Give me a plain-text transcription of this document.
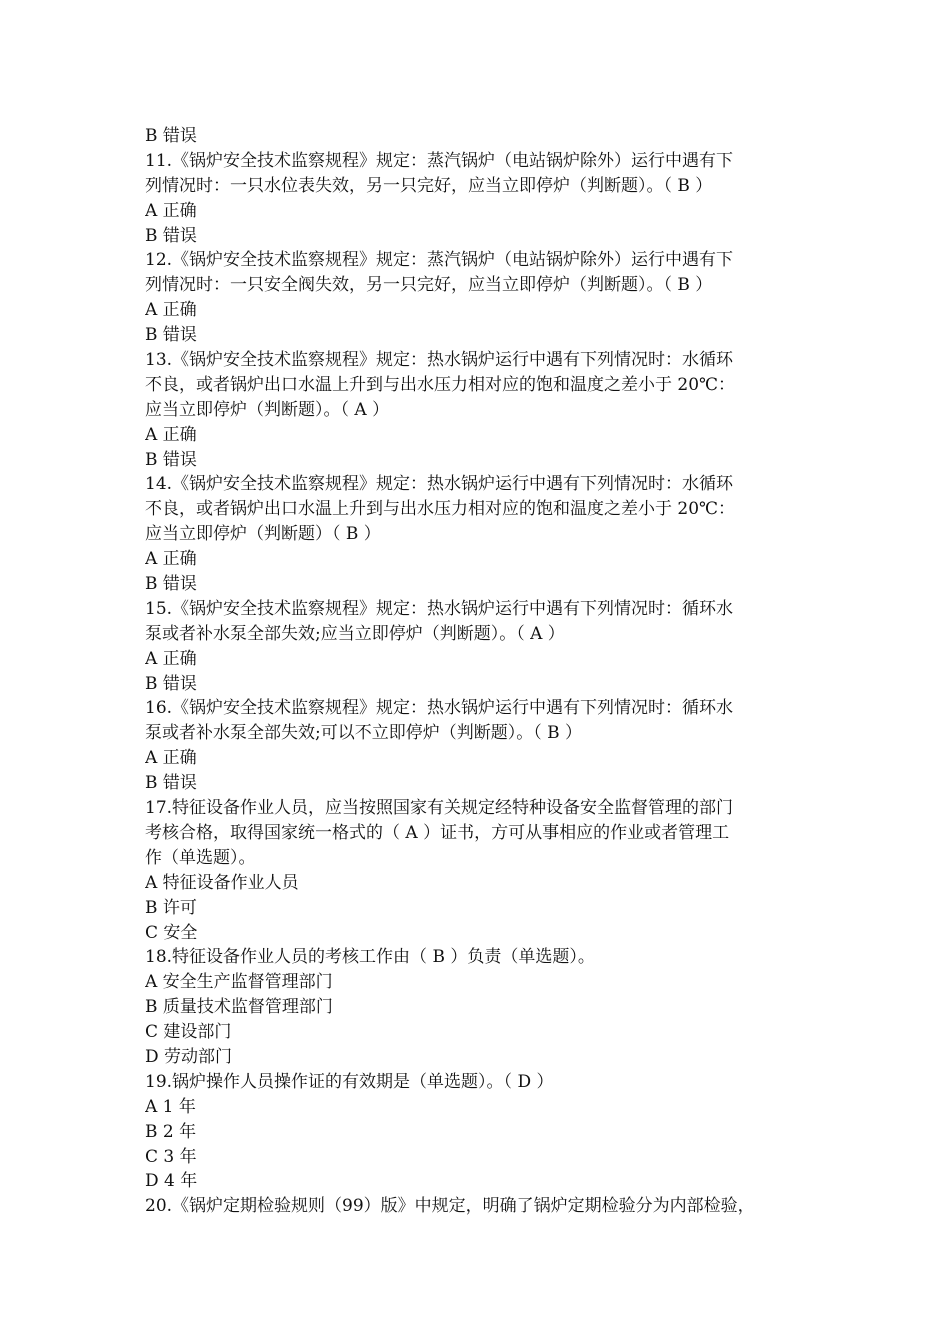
B 错误
11.《锅炉安全技术监察规程》规定：蒸汽锅炉（电站锅炉除外）运行中遇有下
列情况时：一只水位表失效，另一只完好，应当立即停炉（判断题）。（ B ）
A 正确
B 错误
12.《锅炉安全技术监察规程》规定：蒸汽锅炉（电站锅炉除外）运行中遇有下
列情况时：一只安全阀失效，另一只完好，应当立即停炉（判断题）。（ B ）
A 正确
B 错误
13.《锅炉安全技术监察规程》规定：热水锅炉运行中遇有下列情况时：水循环
不良，或者锅炉出口水温上升到与出水压力相对应的饱和温度之差小于 20℃：
应当立即停炉（判断题）。（ A ）
A 正确
B 错误
14.《锅炉安全技术监察规程》规定：热水锅炉运行中遇有下列情况时：水循环
不良，或者锅炉出口水温上升到与出水压力相对应的饱和温度之差小于 20℃：
应当立即停炉（判断题）（ B ）
A 正确
B 错误
15.《锅炉安全技术监察规程》规定：热水锅炉运行中遇有下列情况时：循环水
泵或者补水泵全部失效;应当立即停炉（判断题）。（ A ）
A 正确
B 错误
16.《锅炉安全技术监察规程》规定：热水锅炉运行中遇有下列情况时：循环水
泵或者补水泵全部失效;可以不立即停炉（判断题）。（ B ）
A 正确
B 错误
17.特征设备作业人员，应当按照国家有关规定经特种设备安全监督管理的部门
考核合格，取得国家统一格式的（ A ）证书，方可从事相应的作业或者管理工
作（单选题）。
A 特征设备作业人员
B 许可
C 安全
18.特征设备作业人员的考核工作由（ B ）负责（单选题）。
A 安全生产监督管理部门
B 质量技术监督管理部门
C 建设部门
D 劳动部门
19.锅炉操作人员操作证的有效期是（单选题）。（ D ）
A 1 年
B 2 年
C 3 年
D 4 年
20.《锅炉定期检验规则（99）版》中规定，明确了锅炉定期检验分为内部检验，
